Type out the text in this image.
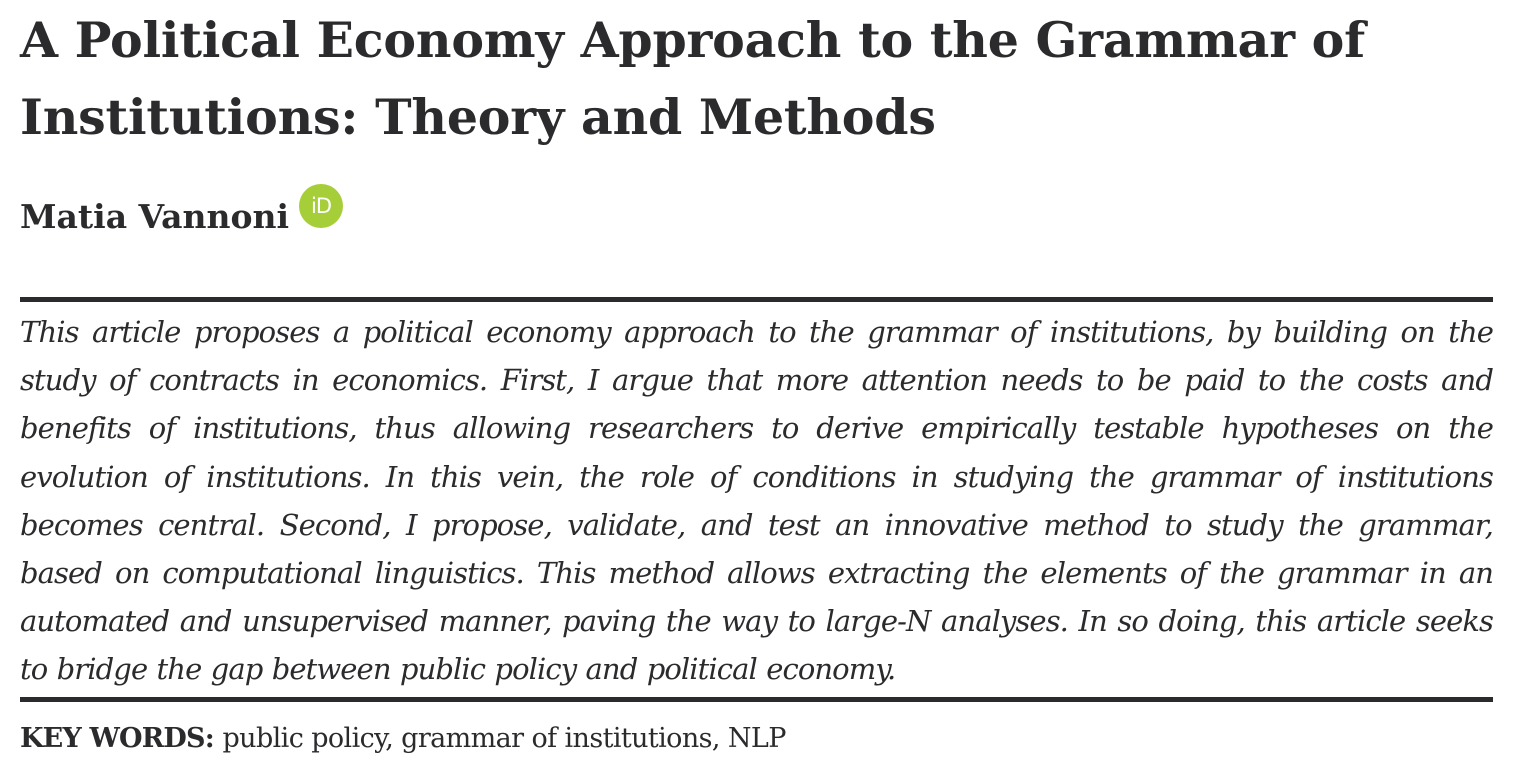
A Political Economy Approach to the Grammar of Institutions: Theory and Methods
Matia Vannoni	iD

This article proposes a political economy approach to the grammar of institutions, by building on the study of contracts in economics. First, I argue that more attention needs to be paid to the costs and benefits of institutions, thus allowing researchers to derive empirically testable hypotheses on the evolution of institutions. In this vein, the role of conditions in studying the grammar of institutions becomes central. Second, I propose, validate, and test an innovative method to study the grammar, based on computational linguistics. This method allows extracting the elements of the grammar in an automated and unsupervised manner, paving the way to large-N analyses. In so doing, this article seeks to bridge the gap between public policy and political economy.

KEY WORDS: public policy, grammar of institutions, NLP
